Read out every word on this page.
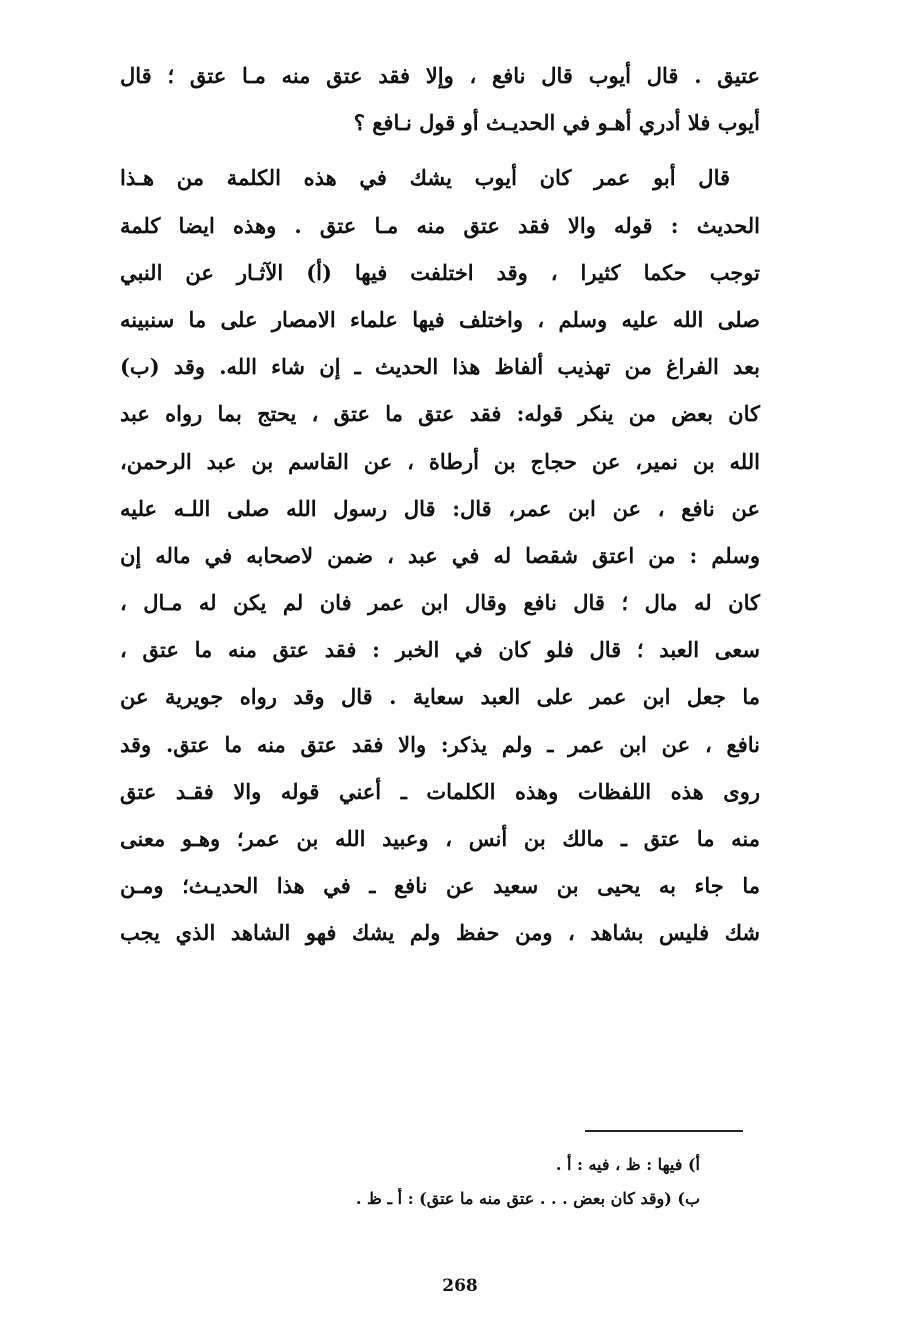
عتيق . قال أيوب قال نافع ، وإلا فقد عتق منه مـا عتق ؛ قال
أيوب فلا أدري أهـو في الحديـث أو قول نـافع ؟
قال أبو عمر كان أيوب يشك في هذه الكلمة من هـذا
الحديث : قوله والا فقد عتق منه مـا عتق . وهذه ايضا كلمة
توجب حكما كثيرا ، وقد اختلفت فيها (أ) الآثـار عن النبي
صلى الله عليه وسلم ، واختلف فيها علماء الامصار على ما سنبينه
بعد الفراغ من تهذيب ألفاظ هذا الحديث ـ إن شاء الله. وقد (ب)
كان بعض من ينكر قوله: فقد عتق ما عتق ، يحتج بما رواه عبد
الله بن نمير، عن حجاج بن أرطاة ، عن القاسم بن عبد الرحمن،
عن نافع ، عن ابن عمر، قال: قال رسول الله صلى اللـه عليه
وسلم : من اعتق شقصا له في عبد ، ضمن لاصحابه في ماله إن
كان له مال ؛ قال نافع وقال ابن عمر فان لم يكن له مـال ،
سعى العبد ؛ قال فلو كان في الخبر : فقد عتق منه ما عتق ،
ما جعل ابن عمر على العبد سعاية . قال وقد رواه جويرية عن
نافع ، عن ابن عمر ـ ولم يذكر: والا فقد عتق منه ما عتق. وقد
روى هذه اللفظات وهذه الكلمات ـ أعني قوله والا فقـد عتق
منه ما عتق ـ مالك بن أنس ، وعبيد الله بن عمر؛ وهـو معنى
ما جاء به يحيى بن سعيد عن نافع ـ في هذا الحديـث؛ ومـن
شك فليس بشاهد ، ومن حفظ ولم يشك فهو الشاهد الذي يجب
أ) فيها : ظ ، فيه : أ .
ب) (وقد كان بعض . . . عتق منه ما عتق) : أ ـ ظ .
268
